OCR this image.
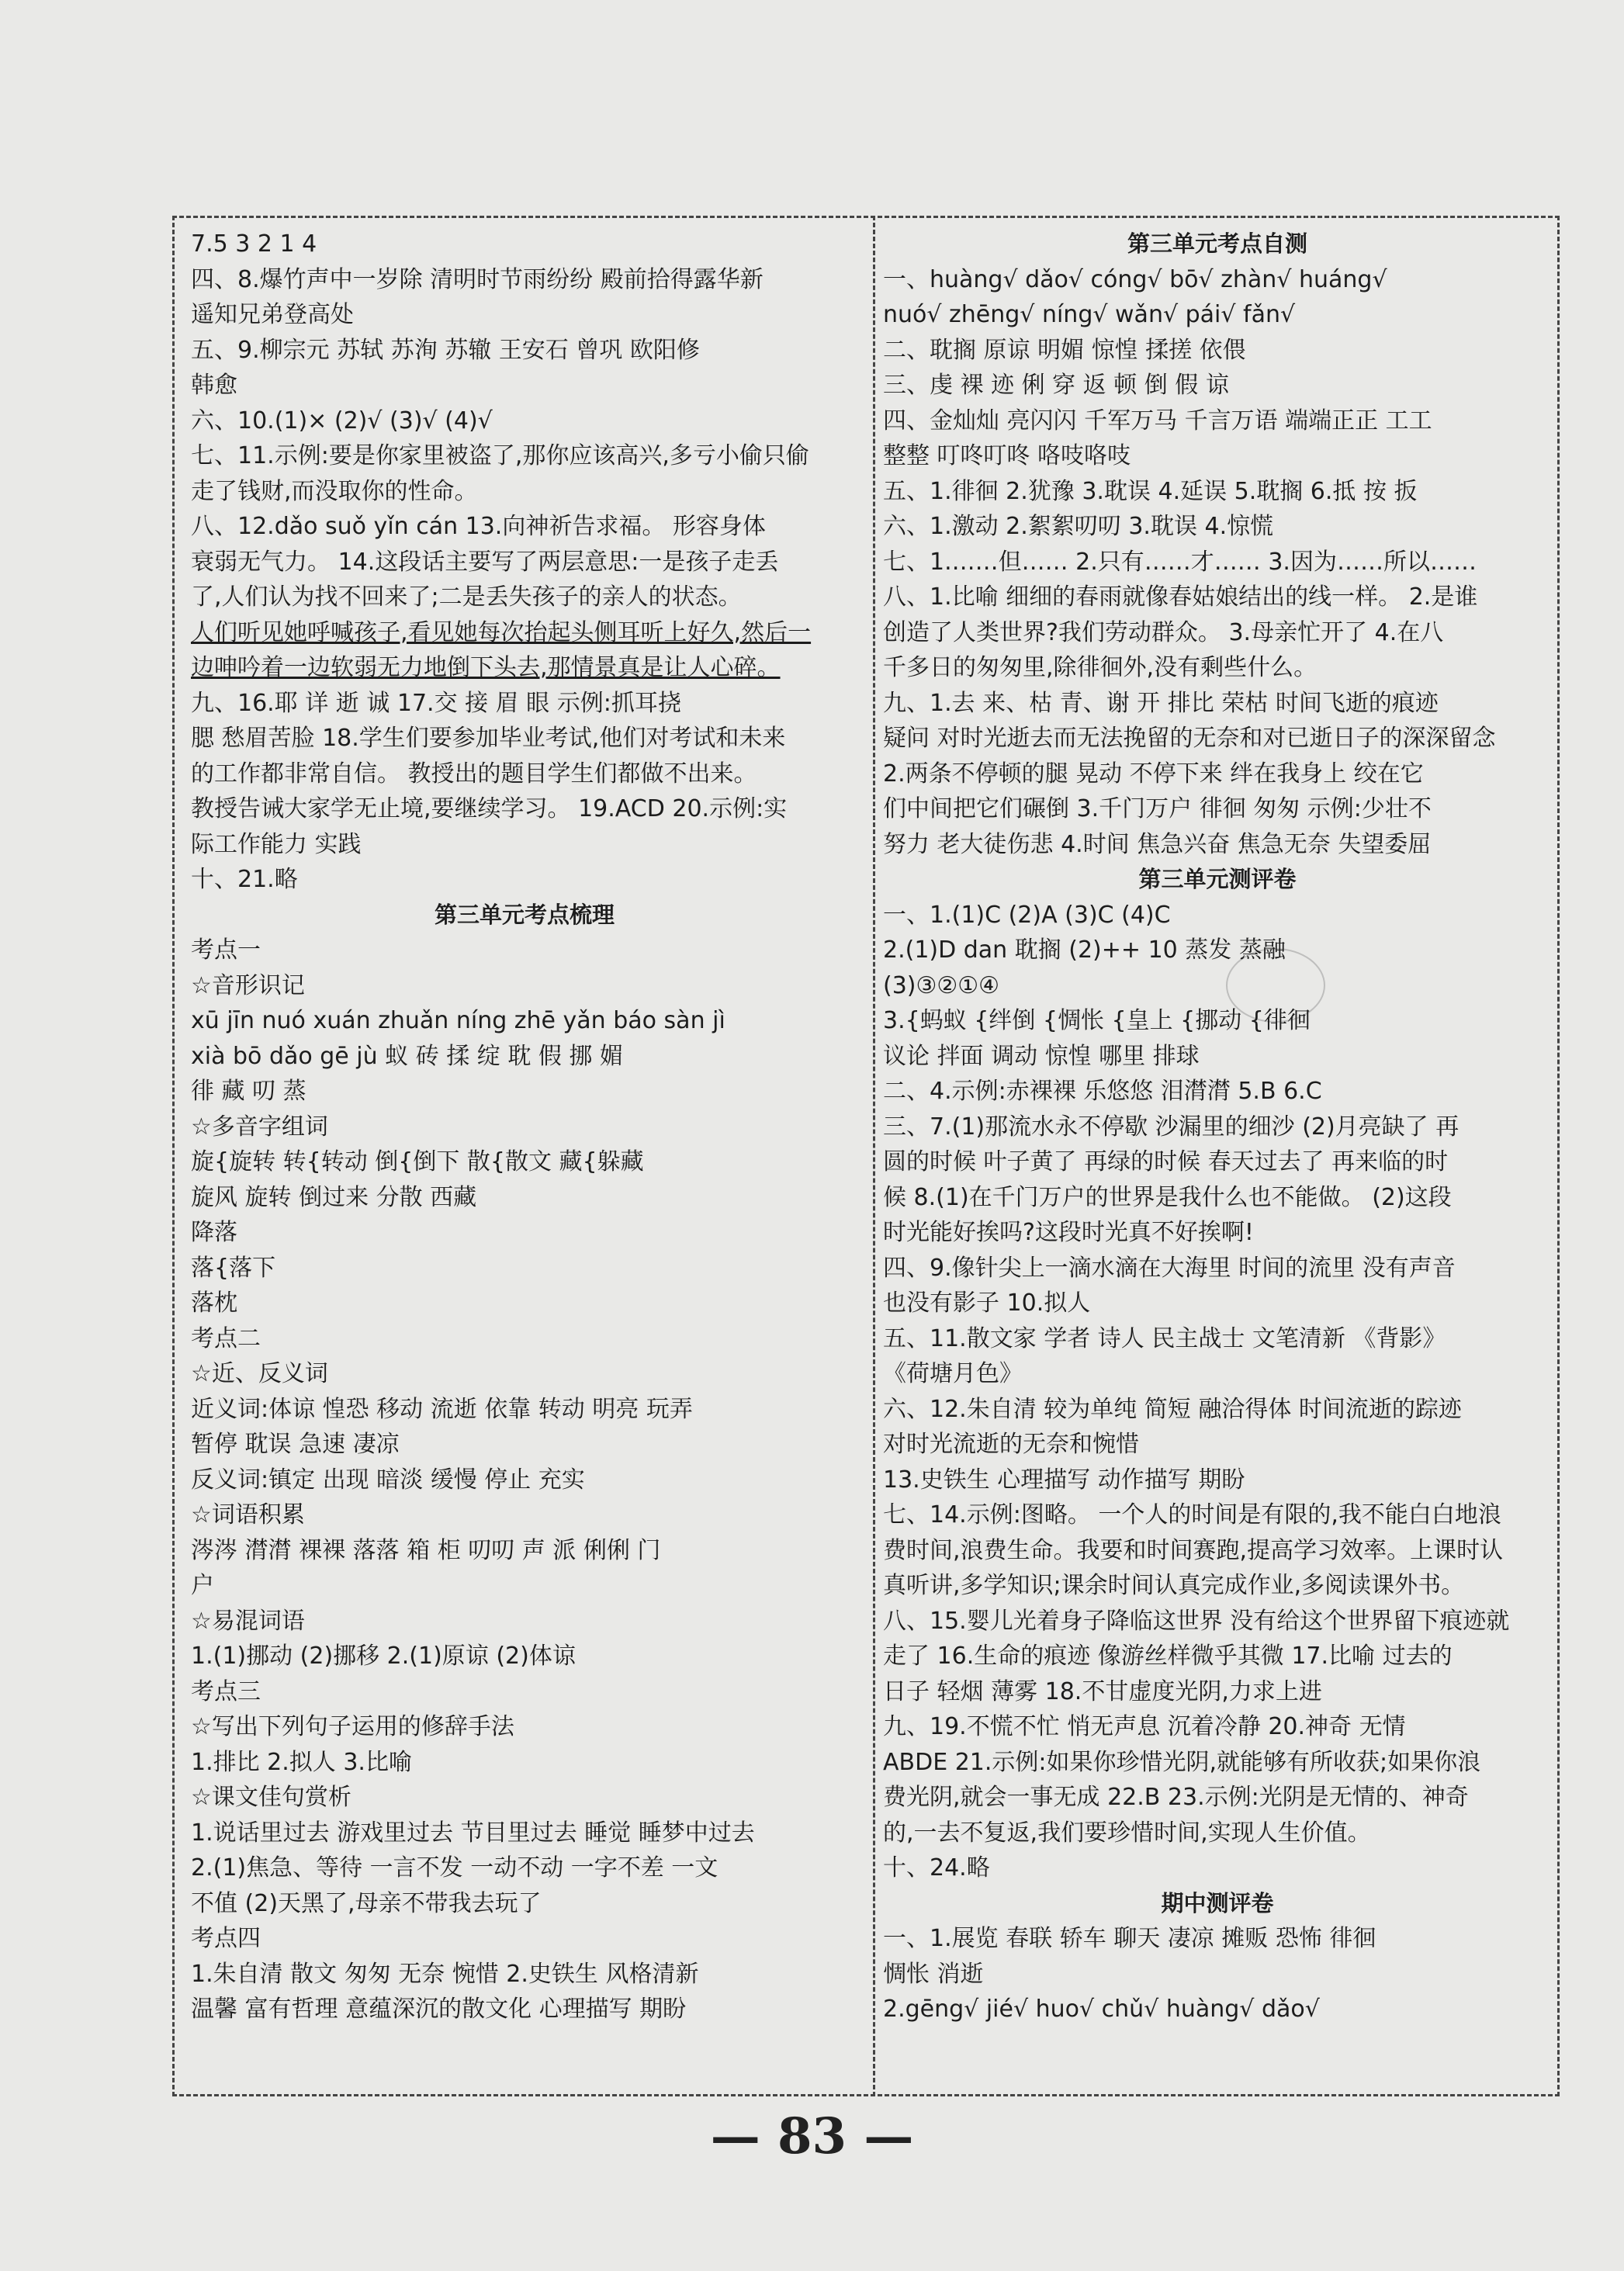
7.5 3 2 1 4
四、8.爆竹声中一岁除 清明时节雨纷纷 殿前拾得露华新
遥知兄弟登高处
五、9.柳宗元 苏轼 苏洵 苏辙 王安石 曾巩 欧阳修
韩愈
六、10.(1)× (2)√ (3)√ (4)√
七、11.示例:要是你家里被盗了,那你应该高兴,多亏小偷只偷
走了钱财,而没取你的性命。
八、12.dǎo suǒ yǐn cán 13.向神祈告求福。 形容身体
衰弱无气力。 14.这段话主要写了两层意思:一是孩子走丢
了,人们认为找不回来了;二是丢失孩子的亲人的状态。
人们听见她呼喊孩子,看见她每次抬起头侧耳听上好久,然后一
边呻吟着一边软弱无力地倒下头去,那情景真是让人心碎。
九、16.耶 详 逝 诚 17.交 接 眉 眼 示例:抓耳挠
腮 愁眉苦脸 18.学生们要参加毕业考试,他们对考试和未来
的工作都非常自信。 教授出的题目学生们都做不出来。
教授告诫大家学无止境,要继续学习。 19.ACD 20.示例:实
际工作能力 实践
十、21.略
第三单元考点梳理
考点一
☆音形识记
xū jīn nuó xuán zhuǎn níng zhē yǎn báo sàn jì
xià bō dǎo gē jù 蚁 砖 揉 绽 耽 假 挪 媚
徘 藏 叨 蒸
☆多音字组词
旋{旋转 转{转动 倒{倒下 散{散文 藏{躲藏
旋风 旋转 倒过来 分散 西藏
降落
落{落下
落枕
考点二
☆近、反义词
近义词:体谅 惶恐 移动 流逝 依靠 转动 明亮 玩弄
暂停 耽误 急速 凄凉
反义词:镇定 出现 暗淡 缓慢 停止 充实
☆词语积累
涔涔 潸潸 裸裸 落落 箱 柜 叨叨 声 派 俐俐 门
户
☆易混词语
1.(1)挪动 (2)挪移 2.(1)原谅 (2)体谅
考点三
☆写出下列句子运用的修辞手法
1.排比 2.拟人 3.比喻
☆课文佳句赏析
1.说话里过去 游戏里过去 节目里过去 睡觉 睡梦中过去
2.(1)焦急、等待 一言不发 一动不动 一字不差 一文
不值 (2)天黑了,母亲不带我去玩了
考点四
1.朱自清 散文 匆匆 无奈 惋惜 2.史铁生 风格清新
温馨 富有哲理 意蕴深沉的散文化 心理描写 期盼
第三单元考点自测
一、huàng√ dǎo√ cóng√ bō√ zhàn√ huáng√
nuó√ zhēng√ níng√ wǎn√ pái√ fǎn√
二、耽搁 原谅 明媚 惊惶 揉搓 依偎
三、虔 裸 迹 俐 穿 返 顿 倒 假 谅
四、金灿灿 亮闪闪 千军万马 千言万语 端端正正 工工
整整 叮咚叮咚 咯吱咯吱
五、1.徘徊 2.犹豫 3.耽误 4.延误 5.耽搁 6.抵 按 扳
六、1.激动 2.絮絮叨叨 3.耽误 4.惊慌
七、1.……但…… 2.只有……才…… 3.因为……所以……
八、1.比喻 细细的春雨就像春姑娘结出的线一样。 2.是谁
创造了人类世界?我们劳动群众。 3.母亲忙开了 4.在八
千多日的匆匆里,除徘徊外,没有剩些什么。
九、1.去 来、枯 青、谢 开 排比 荣枯 时间飞逝的痕迹
疑问 对时光逝去而无法挽留的无奈和对已逝日子的深深留念
2.两条不停顿的腿 晃动 不停下来 绊在我身上 绞在它
们中间把它们碾倒 3.千门万户 徘徊 匆匆 示例:少壮不
努力 老大徒伤悲 4.时间 焦急兴奋 焦急无奈 失望委屈
第三单元测评卷
一、1.(1)C (2)A (3)C (4)C
2.(1)D dan 耽搁 (2)++ 10 蒸发 蒸融
(3)③②①④
3.{蚂蚁 {绊倒 {惆怅 {皇上 {挪动 {徘徊
议论 拌面 调动 惊惶 哪里 排球
二、4.示例:赤裸裸 乐悠悠 泪潸潸 5.B 6.C
三、7.(1)那流水永不停歇 沙漏里的细沙 (2)月亮缺了 再
圆的时候 叶子黄了 再绿的时候 春天过去了 再来临的时
候 8.(1)在千门万户的世界是我什么也不能做。 (2)这段
时光能好挨吗?这段时光真不好挨啊!
四、9.像针尖上一滴水滴在大海里 时间的流里 没有声音
也没有影子 10.拟人
五、11.散文家 学者 诗人 民主战士 文笔清新 《背影》
《荷塘月色》
六、12.朱自清 较为单纯 简短 融洽得体 时间流逝的踪迹
对时光流逝的无奈和惋惜
13.史铁生 心理描写 动作描写 期盼
七、14.示例:图略。 一个人的时间是有限的,我不能白白地浪
费时间,浪费生命。我要和时间赛跑,提高学习效率。上课时认
真听讲,多学知识;课余时间认真完成作业,多阅读课外书。
八、15.婴儿光着身子降临这世界 没有给这个世界留下痕迹就
走了 16.生命的痕迹 像游丝样微乎其微 17.比喻 过去的
日子 轻烟 薄雾 18.不甘虚度光阴,力求上进
九、19.不慌不忙 悄无声息 沉着冷静 20.神奇 无情
ABDE 21.示例:如果你珍惜光阴,就能够有所收获;如果你浪
费光阴,就会一事无成 22.B 23.示例:光阴是无情的、神奇
的,一去不复返,我们要珍惜时间,实现人生价值。
十、24.略
期中测评卷
一、1.展览 春联 轿车 聊天 凄凉 摊贩 恐怖 徘徊
惆怅 消逝
2.gēng√ jié√ huo√ chǔ√ huàng√ dǎo√
— 83 —
